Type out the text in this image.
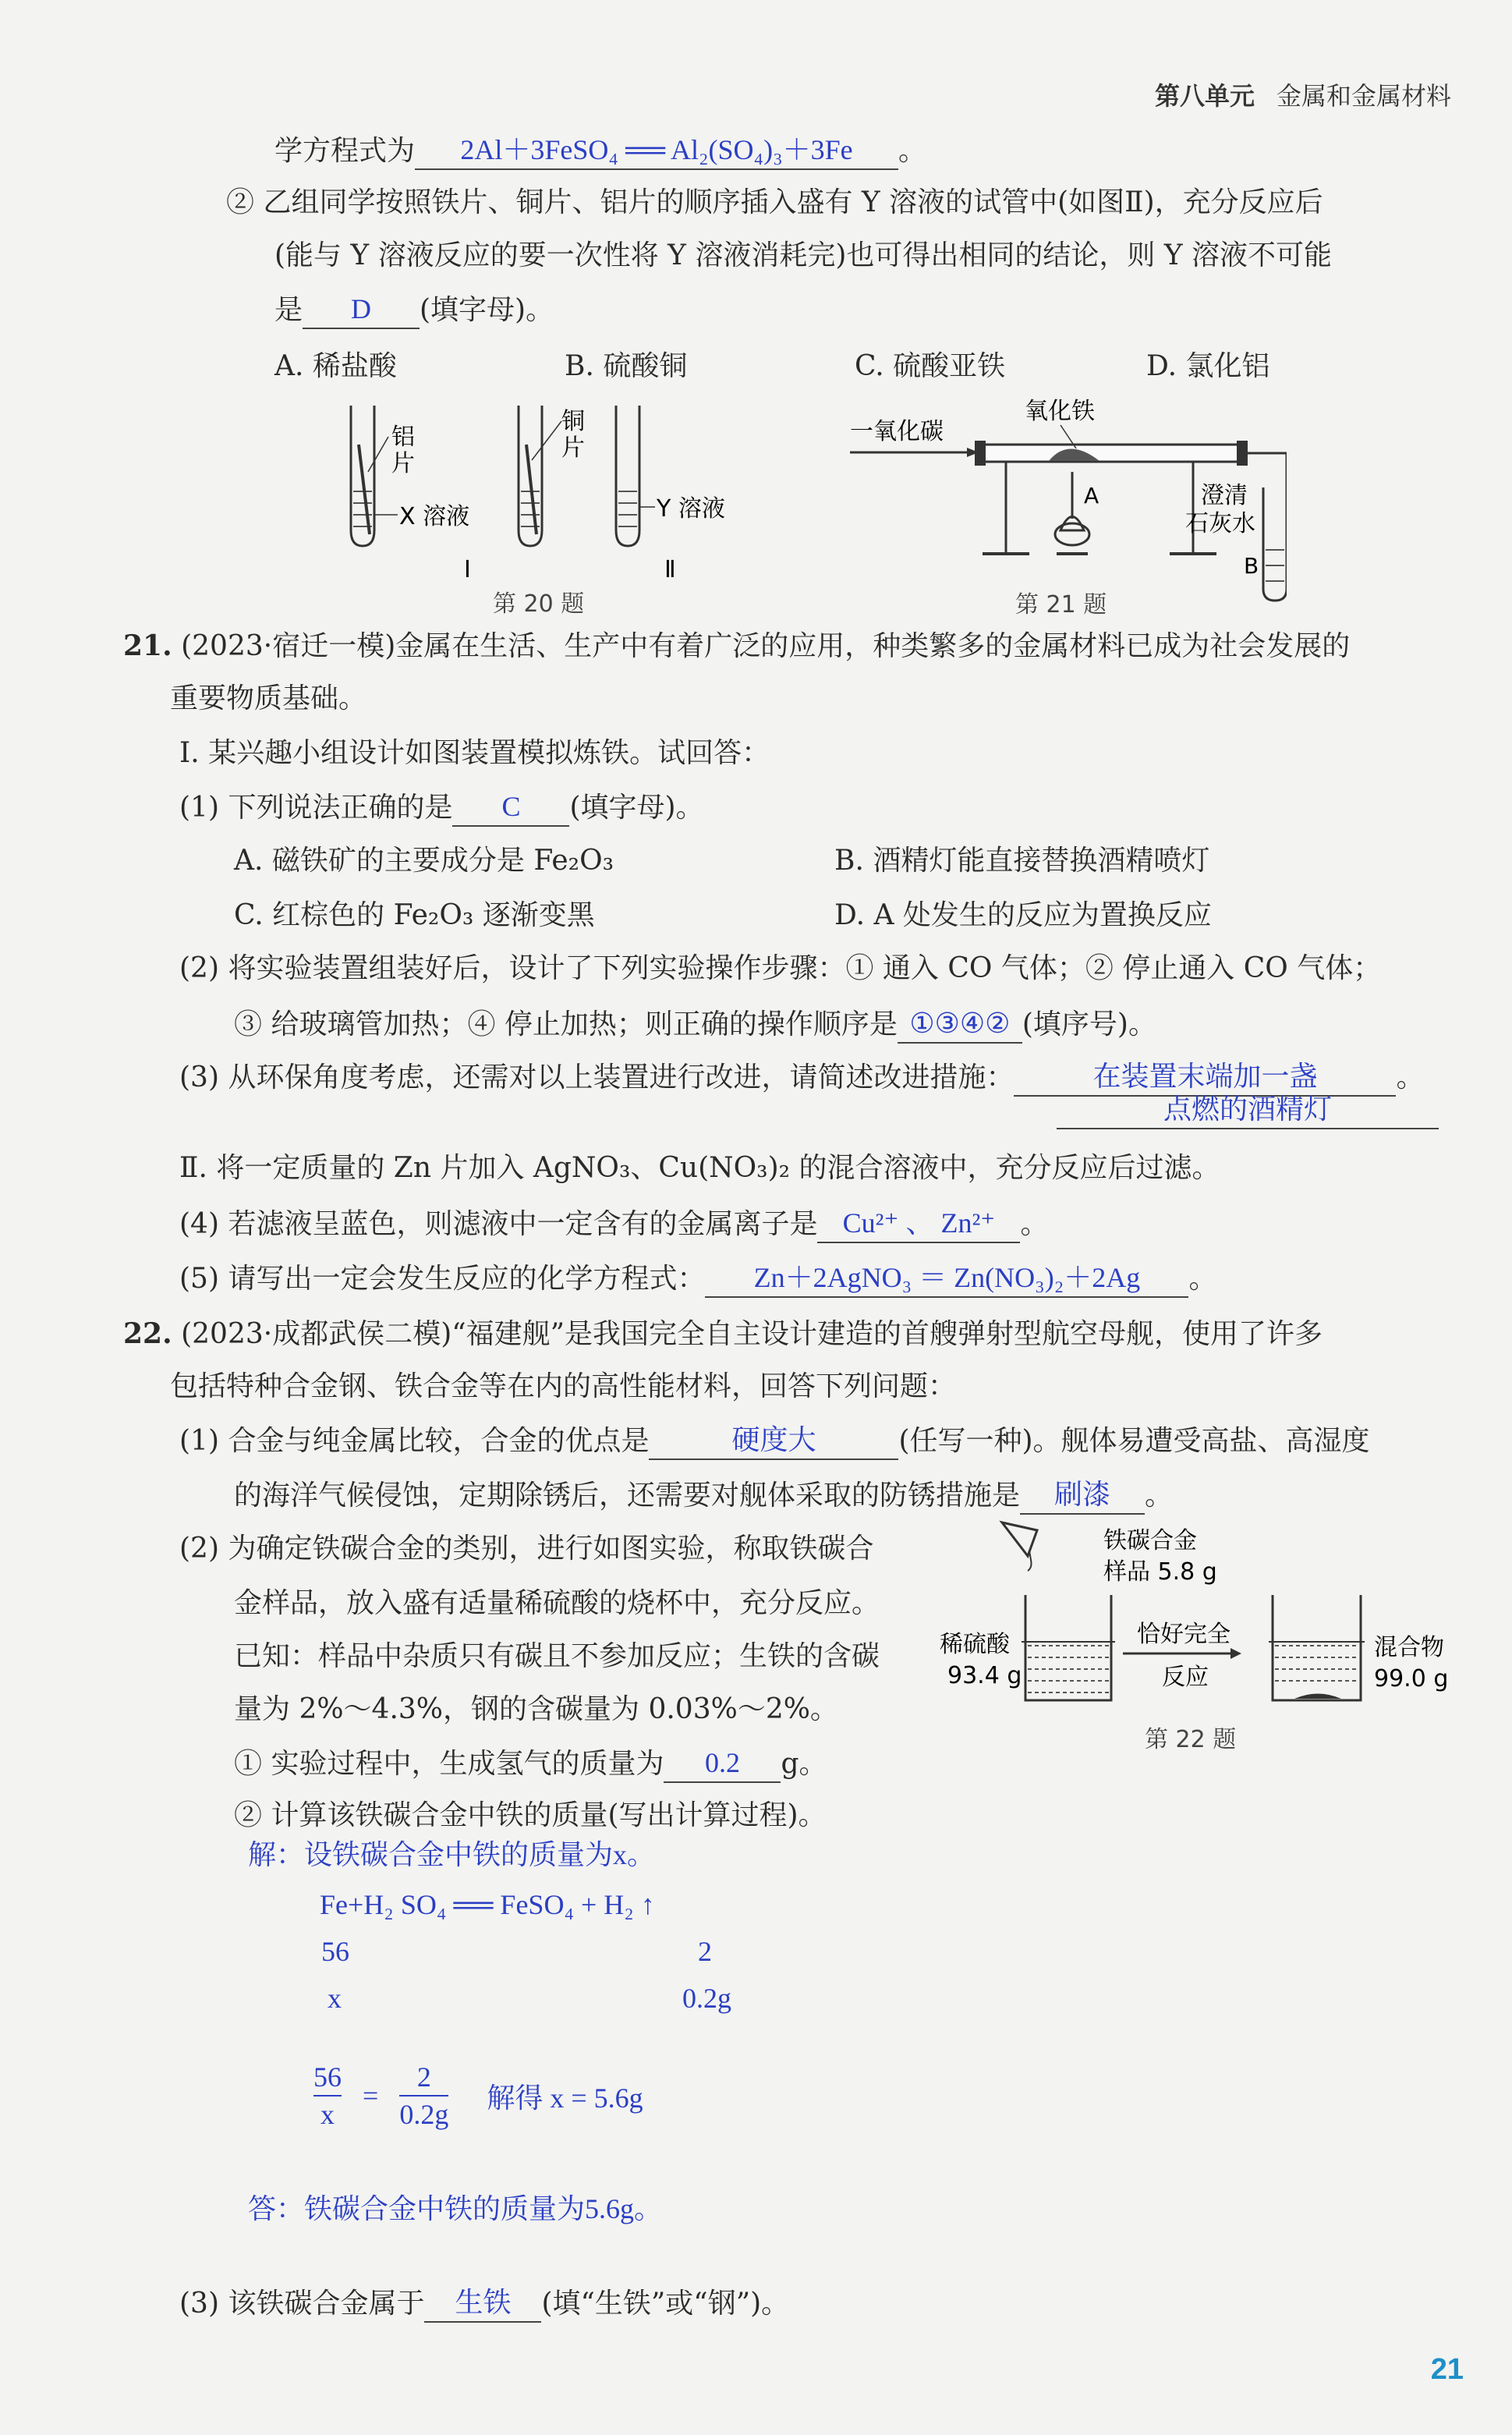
第八单元 金属和金属材料
学方程式为 2Al＋3FeSO₄ ══ Al₂(SO₄)₃＋3Fe 。
② 乙组同学按照铁片、铜片、铝片的顺序插入盛有 Y 溶液的试管中(如图Ⅱ)，充分反应后
(能与 Y 溶液反应的要一次性将 Y 溶液消耗完)也可得出相同的结论，则 Y 溶液不可能
是 D (填字母)。
A. 稀盐酸	B. 硫酸铜	C. 硫酸亚铁	D. 氯化铝
铝
片
铜
片
X 溶液	Y 溶液
Ⅰ	Ⅱ
第 20 题
一氧化碳
氧化铁
A	澄清
石灰水
B
第 21 题
21. (2023·宿迁一模)金属在生活、生产中有着广泛的应用，种类繁多的金属材料已成为社会发展的
重要物质基础。
Ⅰ. 某兴趣小组设计如图装置模拟炼铁。试回答：
(1) 下列说法正确的是 C (填字母)。
A. 磁铁矿的主要成分是 Fe₂O₃	B. 酒精灯能直接替换酒精喷灯
C. 红棕色的 Fe₂O₃ 逐渐变黑	D. A 处发生的反应为置换反应
(2) 将实验装置组装好后，设计了下列实验操作步骤：① 通入 CO 气体；② 停止通入 CO 气体；
③ 给玻璃管加热；④ 停止加热；则正确的操作顺序是 ①③④② (填序号)。
(3) 从环保角度考虑，还需对以上装置进行改进，请简述改进措施：	在装置末端加一盏	。
点燃的酒精灯
Ⅱ. 将一定质量的 Zn 片加入 AgNO₃、Cu(NO₃)₂ 的混合溶液中，充分反应后过滤。
(4) 若滤液呈蓝色，则滤液中一定含有的金属离子是 Cu²⁺ 、 Zn²⁺ 。
(5) 请写出一定会发生反应的化学方程式： Zn＋2AgNO₃ ＝ Zn(NO₃)₂＋2Ag 。
22. (2023·成都武侯二模)“福建舰”是我国完全自主设计建造的首艘弹射型航空母舰，使用了许多
包括特种合金钢、铁合金等在内的高性能材料，回答下列问题：
(1) 合金与纯金属比较，合金的优点是	硬度大	(任写一种)。舰体易遭受高盐、高湿度
的海洋气候侵蚀，定期除锈后，还需要对舰体采取的防锈措施是 刷漆 。
(2) 为确定铁碳合金的类别，进行如图实验，称取铁碳合
金样品，放入盛有适量稀硫酸的烧杯中，充分反应。
已知：样品中杂质只有碳且不参加反应；生铁的含碳
量为 2%～4.3%，钢的含碳量为 0.03%～2%。
① 实验过程中，生成氢气的质量为 0.2 g。
② 计算该铁碳合金中铁的质量(写出计算过程)。
铁碳合金
样品 5.8 g
稀硫酸
93.4 g
恰好完全
反应
混合物
99.0 g
第 22 题
解：设铁碳合金中铁的质量为x。
Fe+H₂ SO₄ ══ FeSO₄ + H₂ ↑
56	2
x	0.2g
$\frac{56}{x} = \frac{2}{0.2g}$ 解得 x = 5.6g
答：铁碳合金中铁的质量为5.6g。
(3) 该铁碳合金属于 生铁 (填“生铁”或“钢”)。
21
